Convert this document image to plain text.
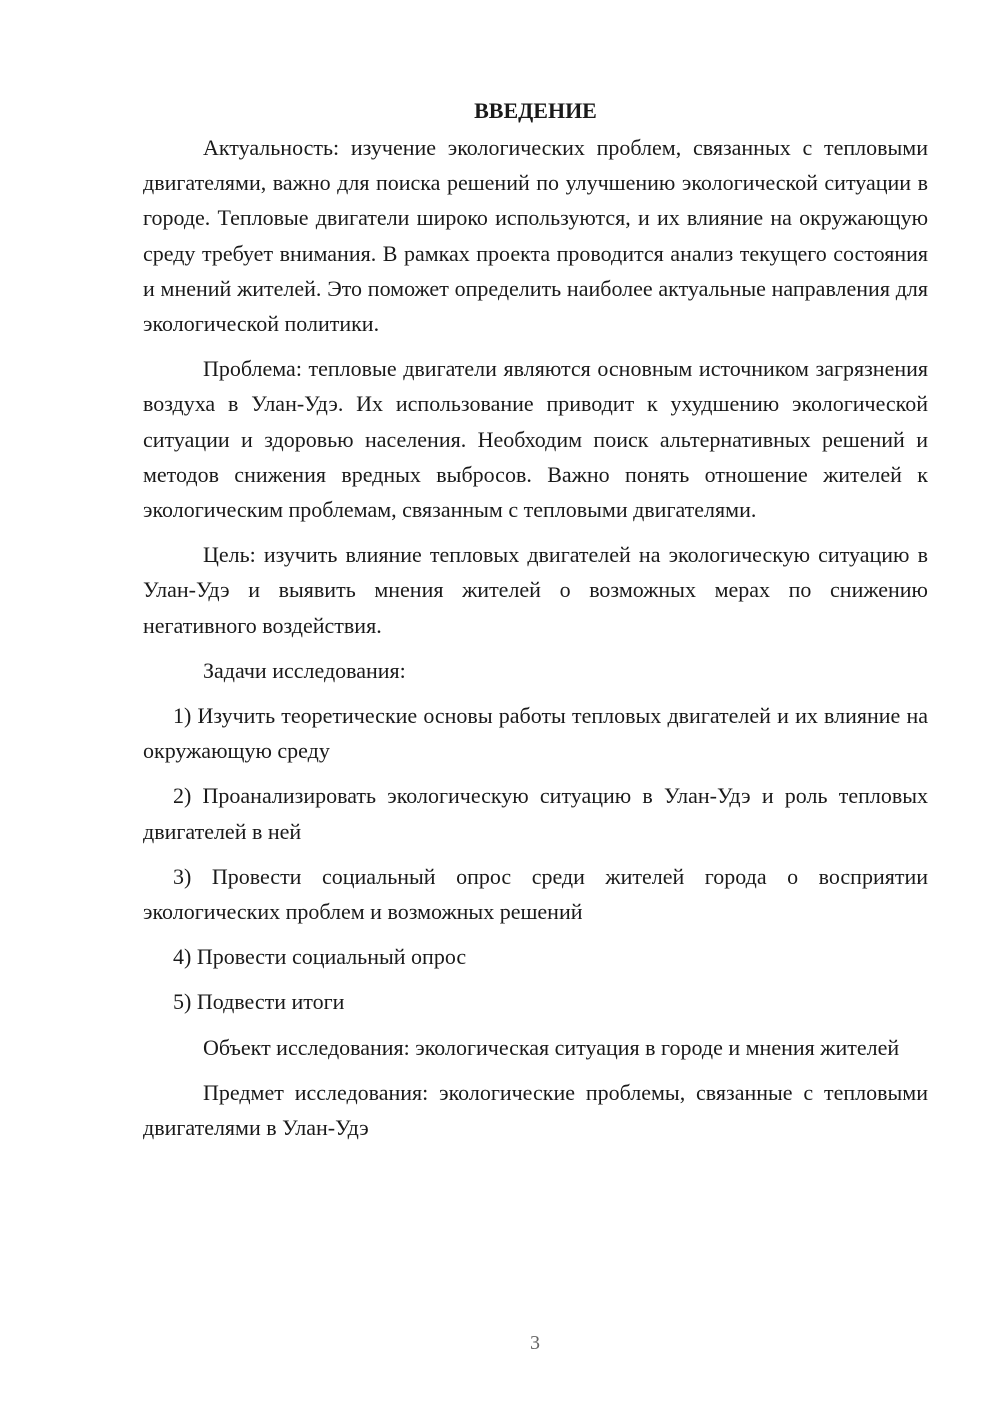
ВВЕДЕНИЕ

Актуальность: изучение экологических проблем, связанных с тепловыми двигателями, важно для поиска решений по улучшению экологической ситуации в городе. Тепловые двигатели широко используются, и их влияние на окружающую среду требует внимания. В рамках проекта проводится анализ текущего состояния и мнений жителей. Это поможет определить наиболее актуальные направления для экологической политики.

Проблема: тепловые двигатели являются основным источником загрязнения воздуха в Улан-Удэ. Их использование приводит к ухудшению экологической ситуации и здоровью населения. Необходим поиск альтернативных решений и методов снижения вредных выбросов. Важно понять отношение жителей к экологическим проблемам, связанным с тепловыми двигателями.

Цель: изучить влияние тепловых двигателей на экологическую ситуацию в Улан-Удэ и выявить мнения жителей о возможных мерах по снижению негативного воздействия.

Задачи исследования:

1) Изучить теоретические основы работы тепловых двигателей и их влияние на окружающую среду

2) Проанализировать экологическую ситуацию в Улан-Удэ и роль тепловых двигателей в ней

3) Провести социальный опрос среди жителей города о восприятии экологических проблем и возможных решений

4) Провести социальный опрос

5) Подвести итоги

Объект исследования: экологическая ситуация в городе и мнения жителей

Предмет исследования: экологические проблемы, связанные с тепловыми двигателями в Улан-Удэ

3
